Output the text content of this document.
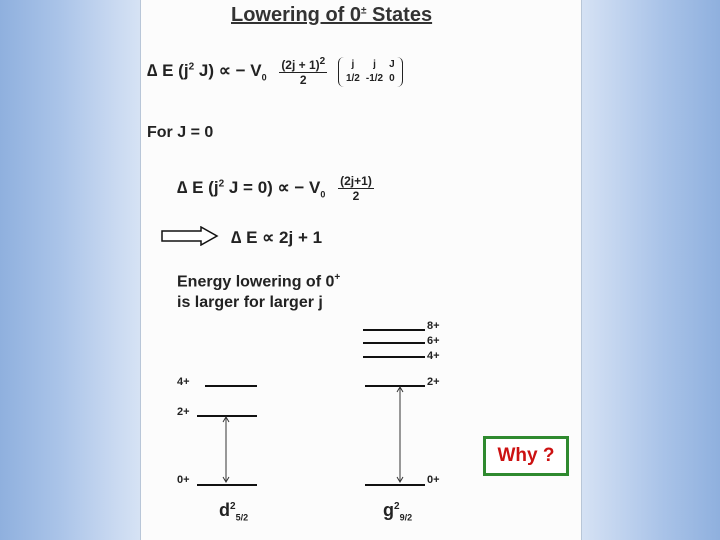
Lowering of 0± States
∆ E ($j^2$ J) ∝ − $V_0 \frac{(2j + 1)^2}{2}$
j	j	J
1/2	-1/2	0
For J = 0
∆ E ($j^2$ J = 0) ∝ − $V_0 \frac{(2j+1)}{2}$
∆ E ∝ 2j + 1
Energy lowering of 0+
is larger for larger j
4+
2+
0+
$d^2_{5/2}$
8+
6+
4+
2+
0+
$g^2_{9/2}$
Why ?
